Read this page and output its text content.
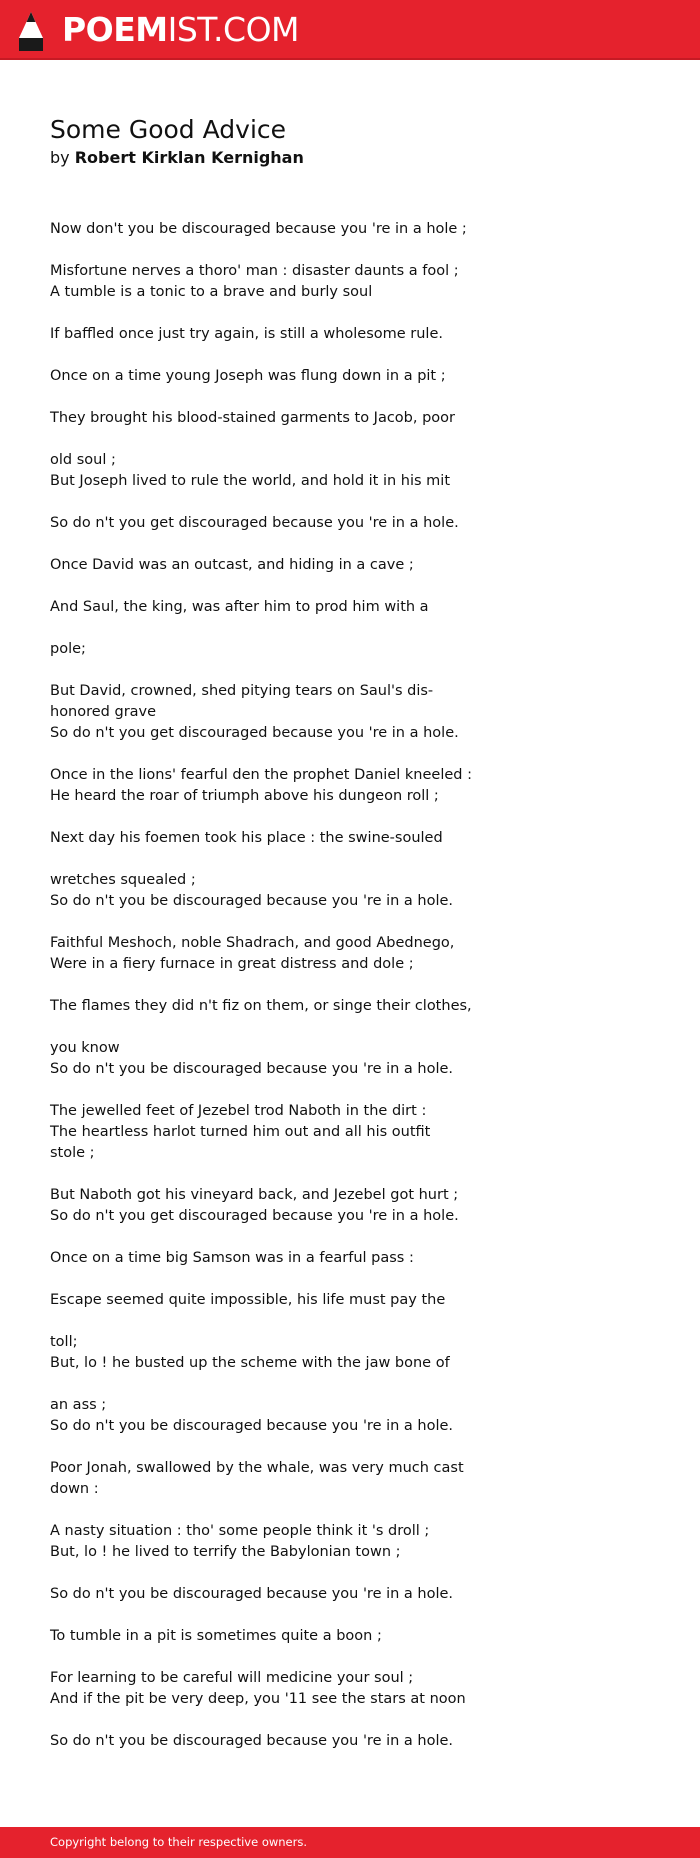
POEMIST.COM
Some Good Advice
by Robert Kirklan Kernighan
Now don't you be discouraged because you 're in a hole ;
Misfortune nerves a thoro' man : disaster daunts a fool ;
A tumble is a tonic to a brave and burly soul
If baffled once just try again, is still a wholesome rule.
Once on a time young Joseph was flung down in a pit ;
They brought his blood-stained garments to Jacob, poor
old soul ;
But Joseph lived to rule the world, and hold it in his mit
So do n't you get discouraged because you 're in a hole.
Once David was an outcast, and hiding in a cave ;
And Saul, the king, was after him to prod him with a
pole;
But David, crowned, shed pitying tears on Saul's dis-
honored grave
So do n't you get discouraged because you 're in a hole.
Once in the lions' fearful den the prophet Daniel kneeled :
He heard the roar of triumph above his dungeon roll ;
Next day his foemen took his place : the swine-souled
wretches squealed ;
So do n't you be discouraged because you 're in a hole.
Faithful Meshoch, noble Shadrach, and good Abednego,
Were in a fiery furnace in great distress and dole ;
The flames they did n't fiz on them, or singe their clothes,
you know
So do n't you be discouraged because you 're in a hole.
The jewelled feet of Jezebel trod Naboth in the dirt :
The heartless harlot turned him out and all his outfit
stole ;
But Naboth got his vineyard back, and Jezebel got hurt ;
So do n't you get discouraged because you 're in a hole.
Once on a time big Samson was in a fearful pass :
Escape seemed quite impossible, his life must pay the
toll;
But, lo ! he busted up the scheme with the jaw bone of
an ass ;
So do n't you be discouraged because you 're in a hole.
Poor Jonah, swallowed by the whale, was very much cast
down :
A nasty situation : tho' some people think it 's droll ;
But, lo ! he lived to terrify the Babylonian town ;
So do n't you be discouraged because you 're in a hole.
To tumble in a pit is sometimes quite a boon ;
For learning to be careful will medicine your soul ;
And if the pit be very deep, you '11 see the stars at noon
So do n't you be discouraged because you 're in a hole.
Copyright belong to their respective owners.
